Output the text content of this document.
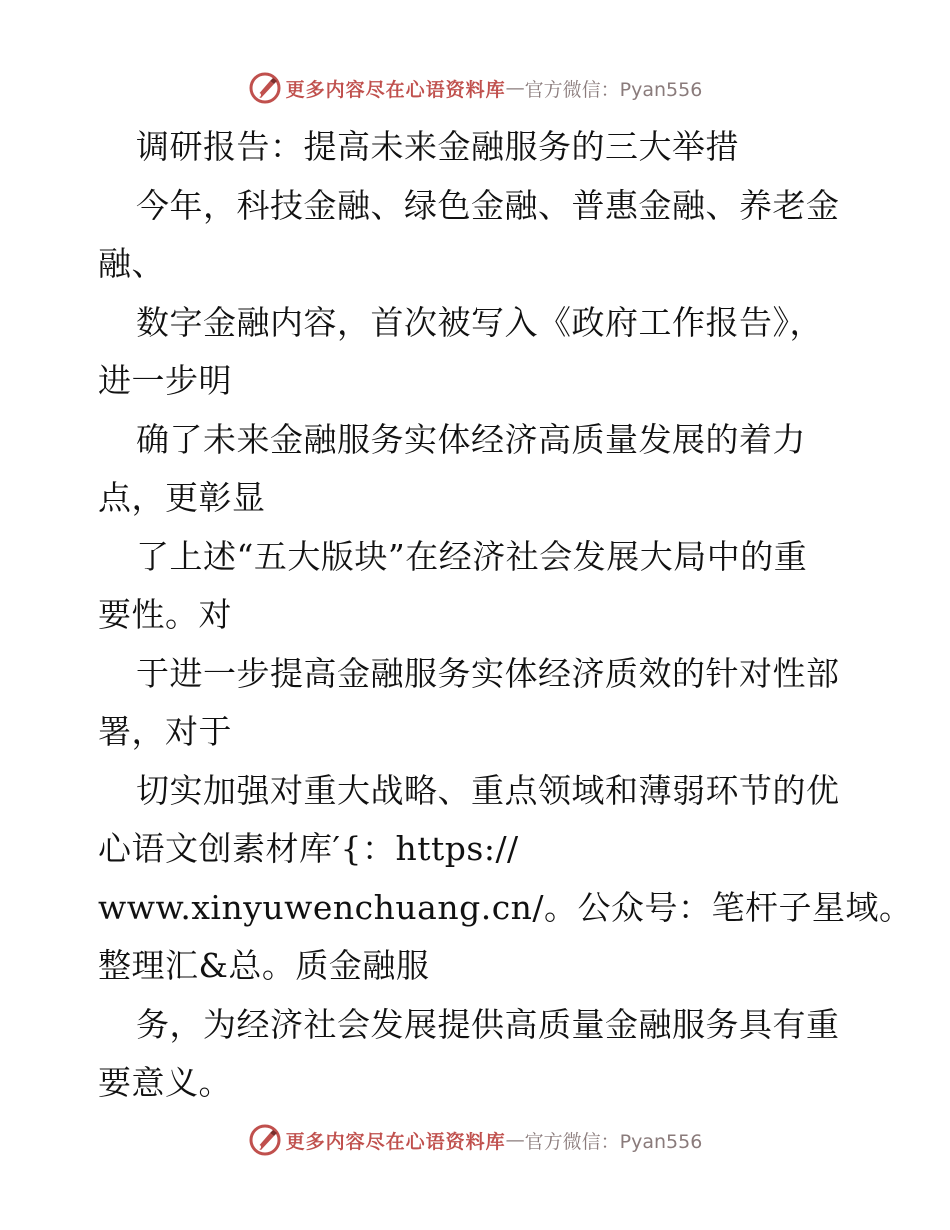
更多内容尽在心语资料库 — 官方微信：Pyan556
调研报告：提高未来金融服务的三大举措
今年，科技金融、绿色金融、普惠金融、养老金
融、
数字金融内容，首次被写入《政府工作报告》，
进一步明
确了未来金融服务实体经济高质量发展的着力
点，更彰显
了上述“五大版块”在经济社会发展大局中的重
要性。对
于进一步提高金融服务实体经济质效的针对性部
署，对于
切实加强对重大战略、重点领域和薄弱环节的优
心语文创素材库′{：https://
www.xinyuwenchuang.cn/。公众号：笔杆子星域。
整理汇&总。质金融服
务，为经济社会发展提供高质量金融服务具有重
要意义。
更多内容尽在心语资料库 — 官方微信：Pyan556
